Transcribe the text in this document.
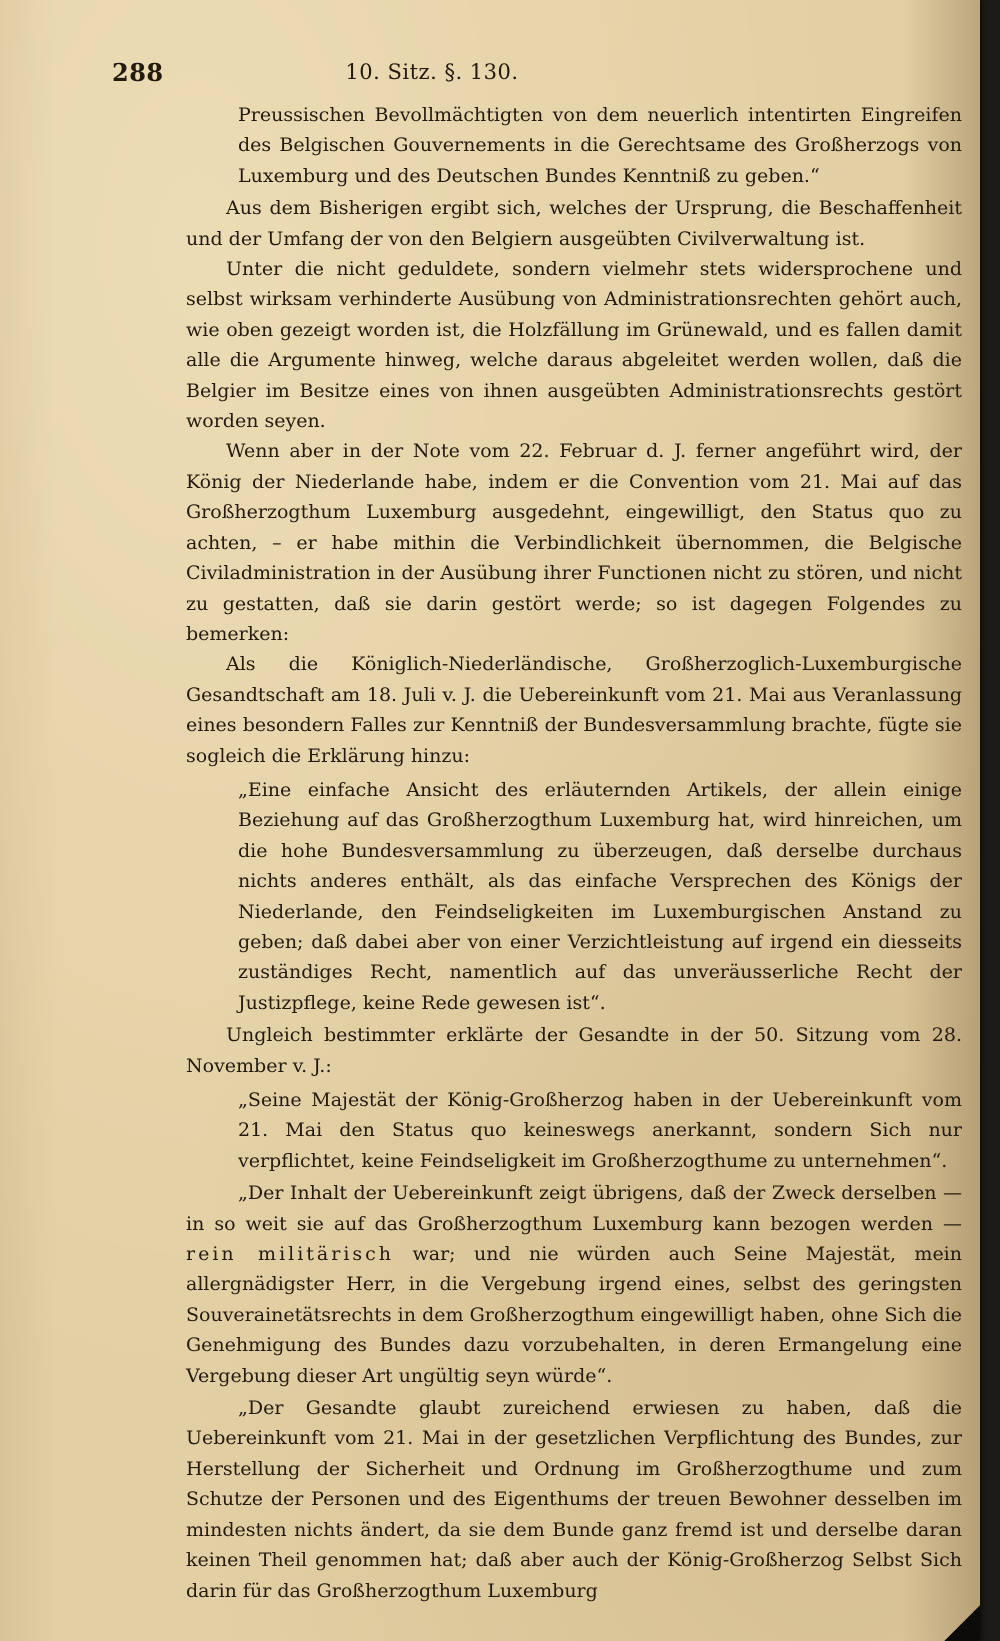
288	10. Sitz. §. 130.

Preussischen Bevollmächtigten von dem neuerlich intentirten Eingreifen des Belgischen Gouvernements in die Gerechtsame des Großherzogs von Luxemburg und des Deutschen Bundes Kenntniß zu geben.“

Aus dem Bisherigen ergibt sich, welches der Ursprung, die Beschaffenheit und der Umfang der von den Belgiern ausgeübten Civilverwaltung ist.

Unter die nicht geduldete, sondern vielmehr stets widersprochene und selbst wirksam verhinderte Ausübung von Administrationsrechten gehört auch, wie oben gezeigt worden ist, die Holzfällung im Grünewald, und es fallen damit alle die Argumente hinweg, welche daraus abgeleitet werden wollen, daß die Belgier im Besitze eines von ihnen ausgeübten Administrationsrechts gestört worden seyen.

Wenn aber in der Note vom 22. Februar d. J. ferner angeführt wird, der König der Niederlande habe, indem er die Convention vom 21. Mai auf das Großherzogthum Luxemburg ausgedehnt, eingewilligt, den Status quo zu achten, – er habe mithin die Verbindlichkeit übernommen, die Belgische Civiladministration in der Ausübung ihrer Functionen nicht zu stören, und nicht zu gestatten, daß sie darin gestört werde; so ist dagegen Folgendes zu bemerken:

Als die Königlich-Niederländische, Großherzoglich-Luxemburgische Gesandtschaft am 18. Juli v. J. die Uebereinkunft vom 21. Mai aus Veranlassung eines besondern Falles zur Kenntniß der Bundesversammlung brachte, fügte sie sogleich die Erklärung hinzu:

„Eine einfache Ansicht des erläuternden Artikels, der allein einige Beziehung auf das Großherzogthum Luxemburg hat, wird hinreichen, um die hohe Bundesversammlung zu überzeugen, daß derselbe durchaus nichts anderes enthält, als das einfache Versprechen des Königs der Niederlande, den Feindseligkeiten im Luxemburgischen Anstand zu geben; daß dabei aber von einer Verzichtleistung auf irgend ein diesseits zuständiges Recht, namentlich auf das unveräusserliche Recht der Justizpflege, keine Rede gewesen ist“.

Ungleich bestimmter erklärte der Gesandte in der 50. Sitzung vom 28. November v. J.:

„Seine Majestät der König-Großherzog haben in der Uebereinkunft vom 21. Mai den Status quo keineswegs anerkannt, sondern Sich nur verpflichtet, keine Feindseligkeit im Großherzogthume zu unternehmen“.

„Der Inhalt der Uebereinkunft zeigt übrigens, daß der Zweck derselben — in so weit sie auf das Großherzogthum Luxemburg kann bezogen werden — rein militärisch war; und nie würden auch Seine Majestät, mein allergnädigster Herr, in die Vergebung irgend eines, selbst des geringsten Souverainetätsrechts in dem Großherzogthum eingewilligt haben, ohne Sich die Genehmigung des Bundes dazu vorzubehalten, in deren Ermangelung eine Vergebung dieser Art ungültig seyn würde“.

„Der Gesandte glaubt zureichend erwiesen zu haben, daß die Uebereinkunft vom 21. Mai in der gesetzlichen Verpflichtung des Bundes, zur Herstellung der Sicherheit und Ordnung im Großherzogthume und zum Schutze der Personen und des Eigenthums der treuen Bewohner desselben im mindesten nichts ändert, da sie dem Bunde ganz fremd ist und derselbe daran keinen Theil genommen hat; daß aber auch der König-Großherzog Selbst Sich darin für das Großherzogthum Luxemburg
